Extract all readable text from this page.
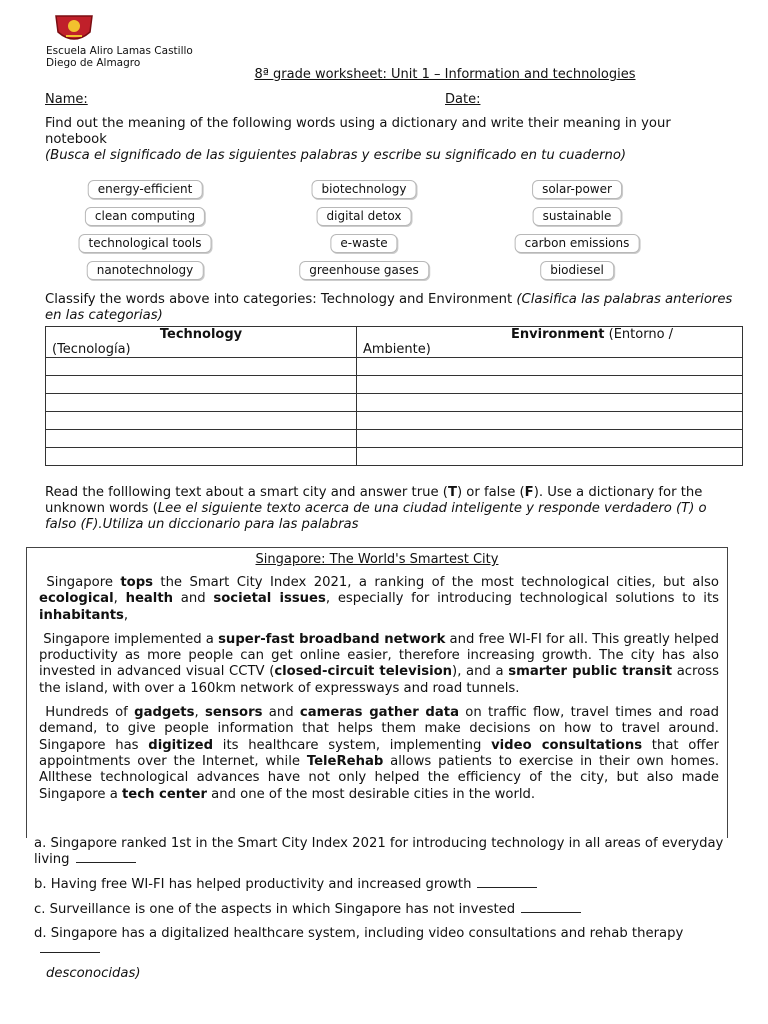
Escuela Aliro Lamas Castillo
Diego de Almagro
8ª grade worksheet: Unit 1 – Information and technologies
Name:	Date:
Find out the meaning of the following words using a dictionary and write their meaning in your notebook
(Busca el significado de las siguientes palabras y escribe su significado en tu cuaderno)
energy-efficient	biotechnology	solar-power
clean computing	digital detox	sustainable
technological tools	e-waste	carbon emissions
nanotechnology	greenhouse gases	biodiesel
Classify the words above into categories: Technology and Environment (Clasifica las palabras anteriores en las categorias)
Technology
(Tecnología)	Environment (Entorno / Ambiente)

Read the folllowing text about a smart city and answer true (T) or false (F). Use a dictionary for the unknown words (Lee el siguiente texto acerca de una ciudad inteligente y responde verdadero (T) o falso (F).Utiliza un diccionario para las palabras
Singapore: The World's Smartest City

Singapore tops the Smart City Index 2021, a ranking of the most technological cities, but also ecological, health and societal issues, especially for introducing technological solutions to its inhabitants,

Singapore implemented a super-fast broadband network and free WI-FI for all. This greatly helped productivity as more people can get online easier, therefore increasing growth. The city has also invested in advanced visual CCTV (closed-circuit television), and a smarter public transit across the island, with over a 160km network of expressways and road tunnels.

Hundreds of gadgets, sensors and cameras gather data on traffic flow, travel times and road demand, to give people information that helps them make decisions on how to travel around. Singapore has digitized its healthcare system, implementing video consultations that offer appointments over the Internet, while TeleRehab allows patients to exercise in their own homes. Allthese technological advances have not only helped the efficiency of the city, but also made Singapore a tech center and one of the most desirable cities in the world.

a. Singapore ranked 1st in the Smart City Index 2021 for introducing technology in all areas of everyday living
b. Having free WI-FI has helped productivity and increased growth
c. Surveillance is one of the aspects in which Singapore has not invested
d. Singapore has a digitalized healthcare system, including video consultations and rehab therapy
desconocidas)
